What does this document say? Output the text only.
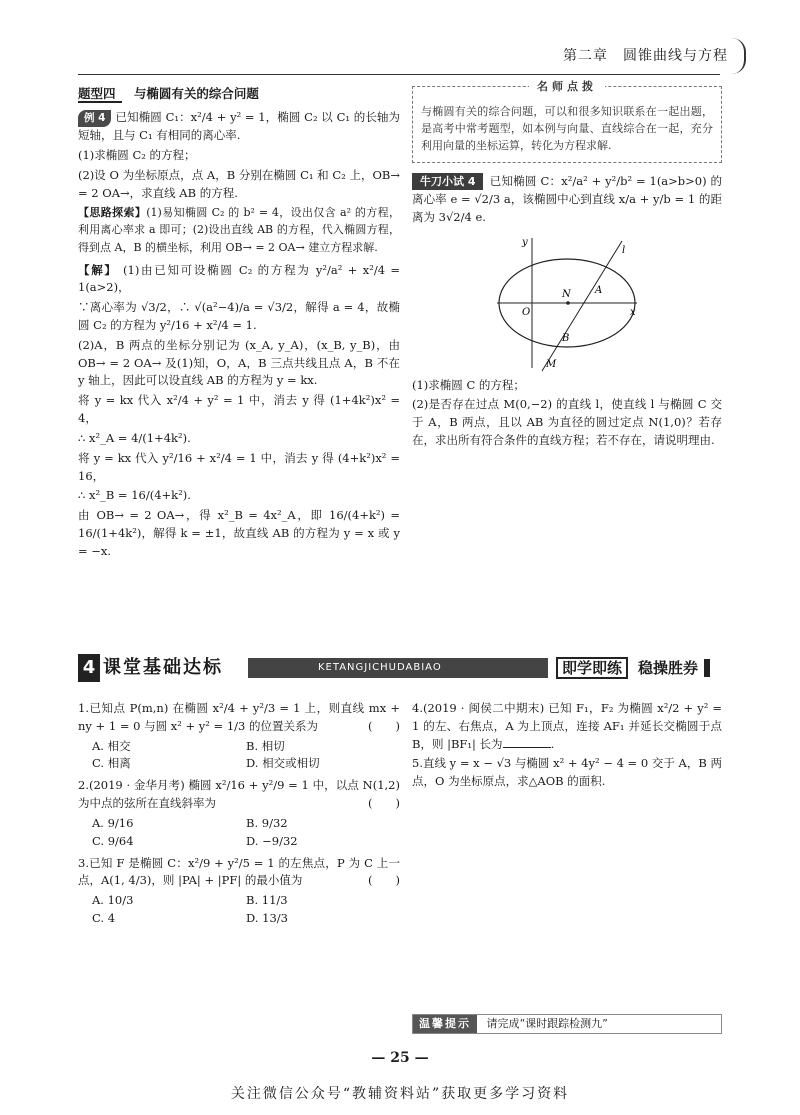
第二章　圆锥曲线与方程
题型四 与椭圆有关的综合问题

例 4 已知椭圆 C₁：x²/4 + y² = 1，椭圆 C₂ 以 C₁ 的长轴为短轴，且与 C₁ 有相同的离心率.

(1)求椭圆 C₂ 的方程；

(2)设 O 为坐标原点，点 A，B 分别在椭圆 C₁ 和 C₂ 上，OB→ = 2 OA→，求直线 AB 的方程.

【思路探索】(1)易知椭圆 C₂ 的 b² = 4，设出仅含 a² 的方程，利用离心率求 a 即可；(2)设出直线 AB 的方程，代入椭圆方程，得到点 A，B 的横坐标，利用 OB→ = 2 OA→ 建立方程求解.

【解】 (1)由已知可设椭圆 C₂ 的方程为 y²/a² + x²/4 = 1(a>2)，

∵离心率为 √3/2，∴ √(a²−4)/a = √3/2，解得 a = 4，故椭圆 C₂ 的方程为 y²/16 + x²/4 = 1.

(2)A，B 两点的坐标分别记为 (x_A, y_A)，(x_B, y_B)，由 OB→ = 2 OA→ 及(1)知，O，A，B 三点共线且点 A，B 不在 y 轴上，因此可以设直线 AB 的方程为 y = kx.

将 y = kx 代入 x²/4 + y² = 1 中，消去 y 得 (1+4k²)x² = 4，

∴ x²_A = 4/(1+4k²).

将 y = kx 代入 y²/16 + x²/4 = 1 中，消去 y 得 (4+k²)x² = 16，

∴ x²_B = 16/(4+k²).

由 OB→ = 2 OA→，得 x²_B = 4x²_A，即 16/(4+k²) = 16/(1+4k²)，解得 k = ±1，故直线 AB 的方程为 y = x 或 y = −x.

名师点拨

与椭圆有关的综合问题，可以和很多知识联系在一起出题，是高考中常考题型，如本例与向量、直线综合在一起，充分利用向量的坐标运算，转化为方程求解.

牛刀小试 4 已知椭圆 C：x²/a² + y²/b² = 1(a>b>0) 的离心率 e = √2/3 a，该椭圆中心到直线 x/a + y/b = 1 的距离为 3√2/4 e.

y
x
O
N A
B
l
M

(1)求椭圆 C 的方程；

(2)是否存在过点 M(0,−2) 的直线 l，使直线 l 与椭圆 C 交于 A，B 两点，且以 AB 为直径的圆过定点 N(1,0)？若存在，求出所有符合条件的直线方程；若不存在，请说明理由.

4 课堂基础达标	KETANGJICHUDABIAO	即学即练 稳操胜券

1.已知点 P(m,n) 在椭圆 x²/4 + y²/3 = 1 上，则直线 mx + ny + 1 = 0 与圆 x² + y² = 1/3 的位置关系为	(　　)

A. 相交	B. 相切
C. 相离	D. 相交或相切

2.(2019 · 金华月考) 椭圆 x²/16 + y²/9 = 1 中，以点 N(1,2) 为中点的弦所在直线斜率为	(　　)

A. 9/16	B. 9/32
C. 9/64	D. −9/32

3.已知 F 是椭圆 C：x²/9 + y²/5 = 1 的左焦点，P 为 C 上一点，A(1, 4/3)，则 |PA| + |PF| 的最小值为	(　　)

A. 10/3	B. 11/3
C. 4	D. 13/3

4.(2019 · 闽侯二中期末) 已知 F₁，F₂ 为椭圆 x²/2 + y² = 1 的左、右焦点，A 为上顶点，连接 AF₁ 并延长交椭圆于点 B，则 |BF₁| 长为	.

5.直线 y = x − √3 与椭圆 x² + 4y² − 4 = 0 交于 A，B 两点，O 为坐标原点，求△AOB 的面积.

温馨提示 请完成“课时跟踪检测九”
— 25 —
关注微信公众号“教辅资料站”获取更多学习资料
